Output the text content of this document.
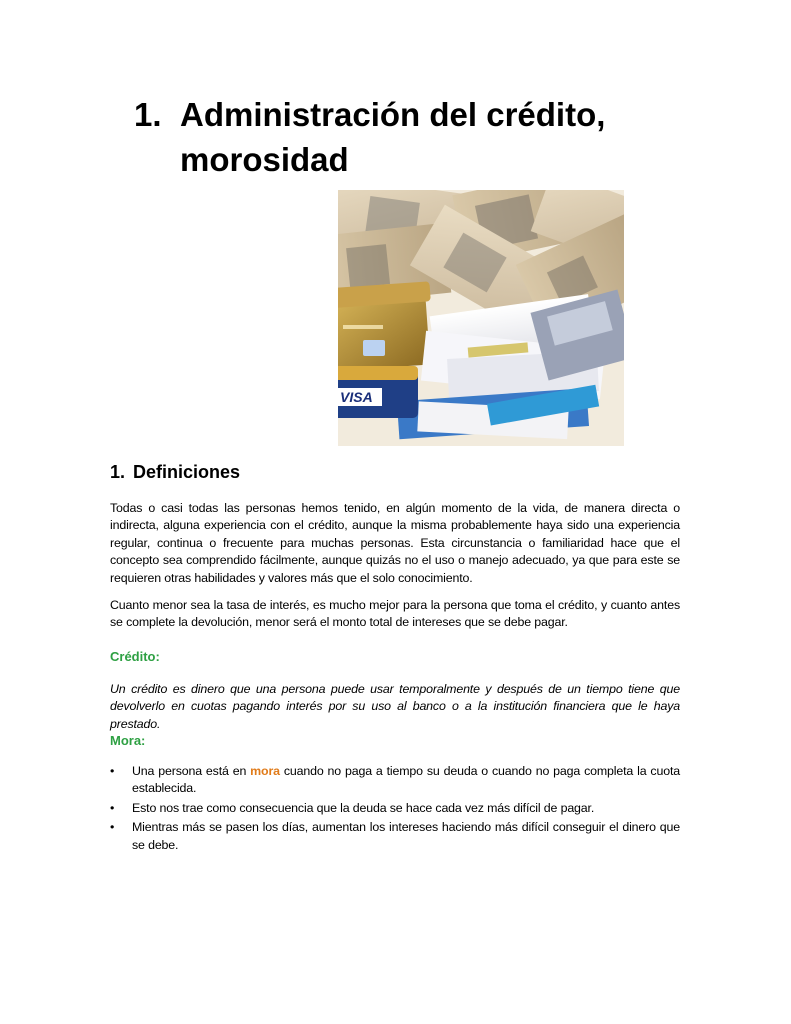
1. Administración del crédito, morosidad
VISA
1. Definiciones

Todas o casi todas las personas hemos tenido, en algún momento de la vida, de manera directa o indirecta, alguna experiencia con el crédito, aunque la misma probablemente haya sido una experiencia regular, continua o frecuente para muchas personas. Esta circunstancia o familiaridad hace que el concepto sea comprendido fácilmente, aunque quizás no el uso o manejo adecuado, ya que para este se requieren otras habilidades y valores más que el solo conocimiento.

Cuanto menor sea la tasa de interés, es mucho mejor para la persona que toma el crédito, y cuanto antes se complete la devolución, menor será el monto total de intereses que se debe pagar.

Crédito:

Un crédito es dinero que una persona puede usar temporalmente y después de un tiempo tiene que devolverlo en cuotas pagando interés por su uso al banco o a la institución financiera que le haya prestado.

Mora:
• Una persona está en mora cuando no paga a tiempo su deuda o cuando no paga completa la cuota establecida.
• Esto nos trae como consecuencia que la deuda se hace cada vez más difícil de pagar.
• Mientras más se pasen los días, aumentan los intereses haciendo más difícil conseguir el dinero que se debe.
